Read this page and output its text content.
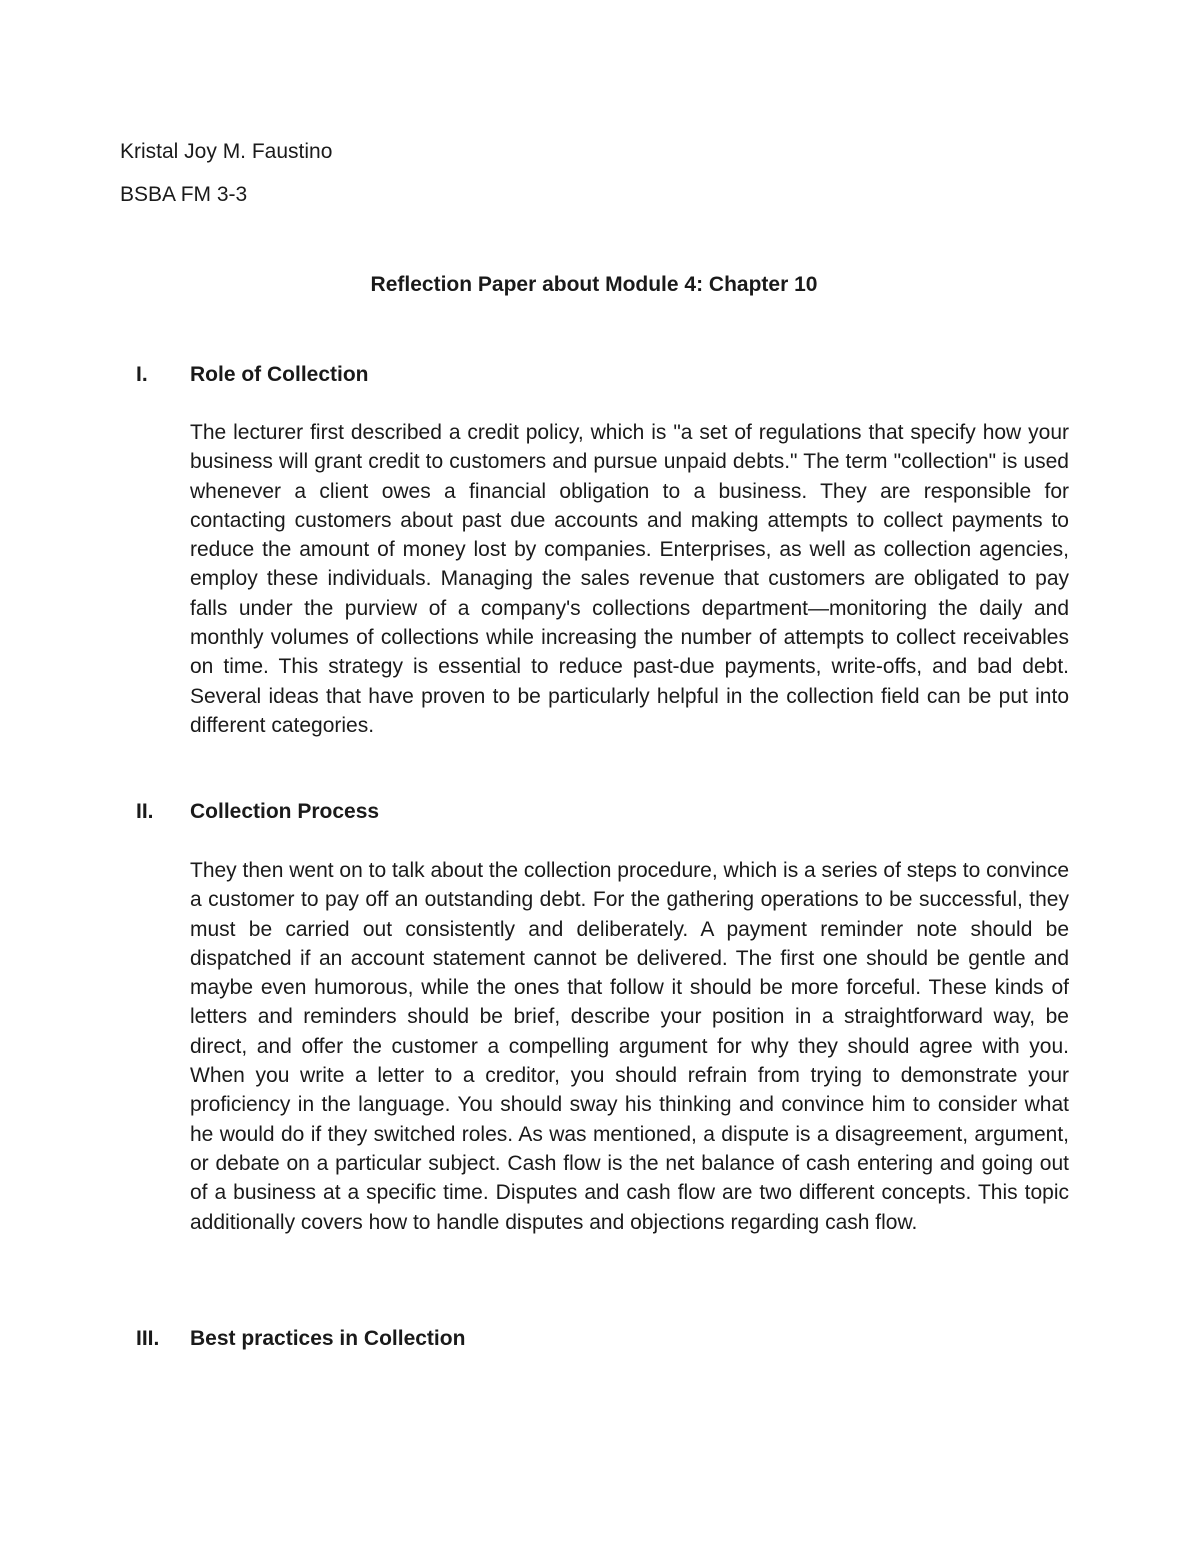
Kristal Joy M. Faustino

BSBA FM 3-3

Reflection Paper about Module 4: Chapter 10
I. Role of Collection

The lecturer first described a credit policy, which is "a set of regulations that specify how your business will grant credit to customers and pursue unpaid debts." The term "collection" is used whenever a client owes a financial obligation to a business. They are responsible for contacting customers about past due accounts and making attempts to collect payments to reduce the amount of money lost by companies. Enterprises, as well as collection agencies, employ these individuals. Managing the sales revenue that customers are obligated to pay falls under the purview of a company's collections department—monitoring the daily and monthly volumes of collections while increasing the number of attempts to collect receivables on time. This strategy is essential to reduce past-due payments, write-offs, and bad debt. Several ideas that have proven to be particularly helpful in the collection field can be put into different categories.

II. Collection Process

They then went on to talk about the collection procedure, which is a series of steps to convince a customer to pay off an outstanding debt. For the gathering operations to be successful, they must be carried out consistently and deliberately. A payment reminder note should be dispatched if an account statement cannot be delivered. The first one should be gentle and maybe even humorous, while the ones that follow it should be more forceful. These kinds of letters and reminders should be brief, describe your position in a straightforward way, be direct, and offer the customer a compelling argument for why they should agree with you. When you write a letter to a creditor, you should refrain from trying to demonstrate your proficiency in the language. You should sway his thinking and convince him to consider what he would do if they switched roles. As was mentioned, a dispute is a disagreement, argument, or debate on a particular subject. Cash flow is the net balance of cash entering and going out of a business at a specific time. Disputes and cash flow are two different concepts. This topic additionally covers how to handle disputes and objections regarding cash flow.

III. Best practices in Collection
